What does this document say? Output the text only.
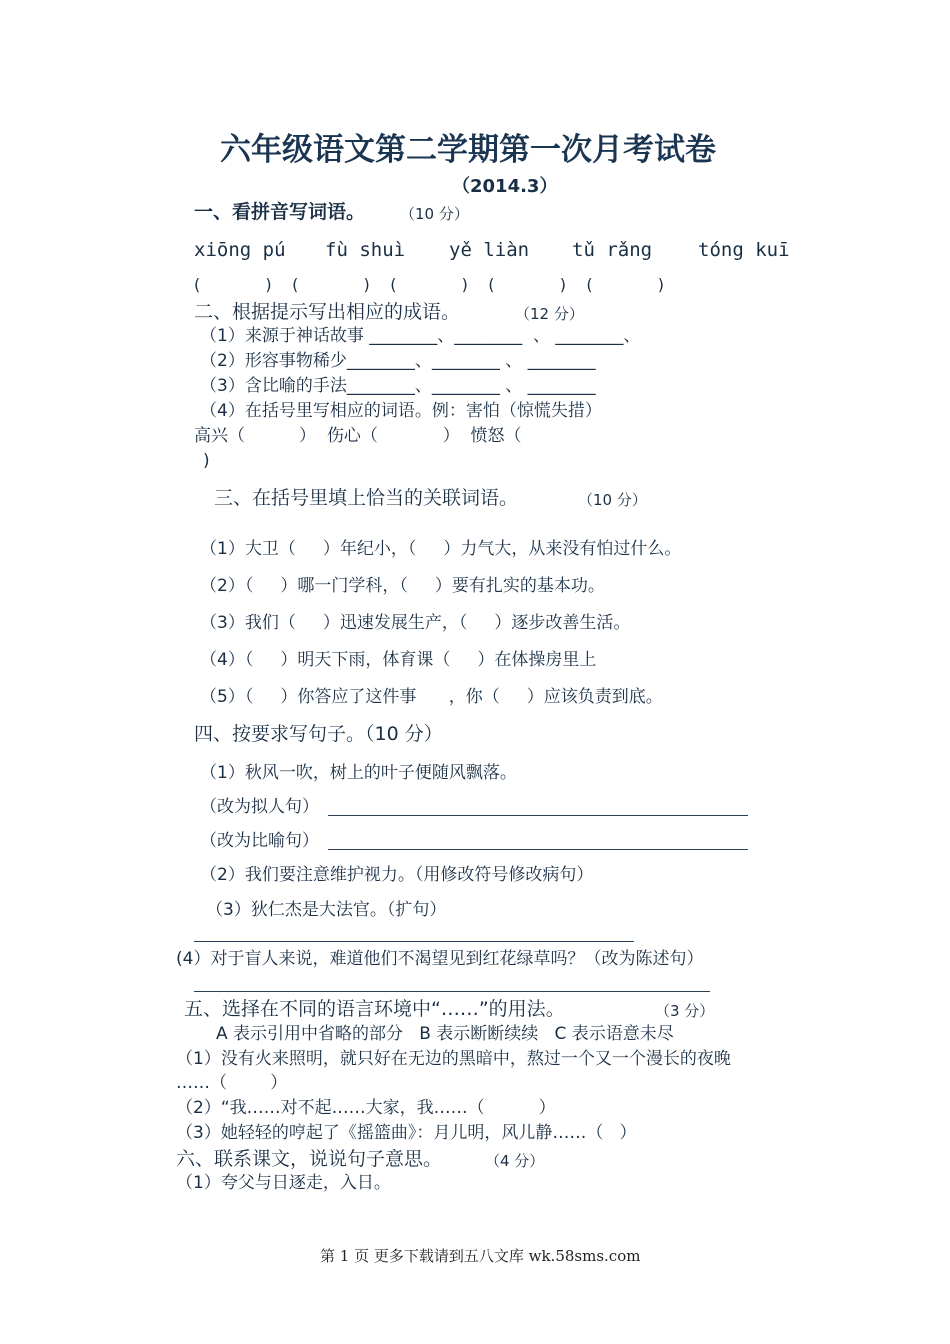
六年级语文第二学期第一次月考试卷
（2014.3）
一、看拼音写词语。 （10 分）
xiōng pú fù shuì yě liàn tǔ rǎng tóng kuī
(          )   (          )   (          )   (          )   (          )
二、根据提示写出相应的成语。	（12 分）
（1）来源于神话故事 ________、________  、 ________、
（2）形容事物稀少________、________ 、 ________
（3）含比喻的手法________、________ 、 ________
（4）在括号里写相应的词语。例：害怕（惊慌失措）
高兴（          ）  伤心（            ）  愤怒（
)
三、在括号里填上恰当的关联词语。	（10 分）
（1）大卫（     ）年纪小，（     ）力气大，从来没有怕过什么。
（2）（     ）哪一门学科，（     ）要有扎实的基本功。
（3）我们（     ）迅速发展生产，（     ）逐步改善生活。
（4）（     ）明天下雨，体育课（     ）在体操房里上
（5）（     ）你答应了这件事      ，你（     ）应该负责到底。
四、按要求写句子。（10 分）
（1）秋风一吹，树上的叶子便随风飘落。
（改为拟人句）
（改为比喻句）
（2）我们要注意维护视力。（用修改符号修改病句）
（3）狄仁杰是大法官。（扩句）
(4）对于盲人来说，难道他们不渴望见到红花绿草吗？（改为陈述句）
五、选择在不同的语言环境中“……”的用法。	（3 分）
A 表示引用中省略的部分   B 表示断断续续   C 表示语意未尽
（1）没有火来照明，就只好在无边的黑暗中，熬过一个又一个漫长的夜晚
……（        ）
（2）“我……对不起……大家，我……（          ）
（3）她轻轻的哼起了《摇篮曲》：月儿明，风儿静……（   ）
六、联系课文，说说句子意思。	（4 分）
（1）夸父与日逐走，入日。
第 1 页 更多下载请到五八文库 wk.58sms.com
